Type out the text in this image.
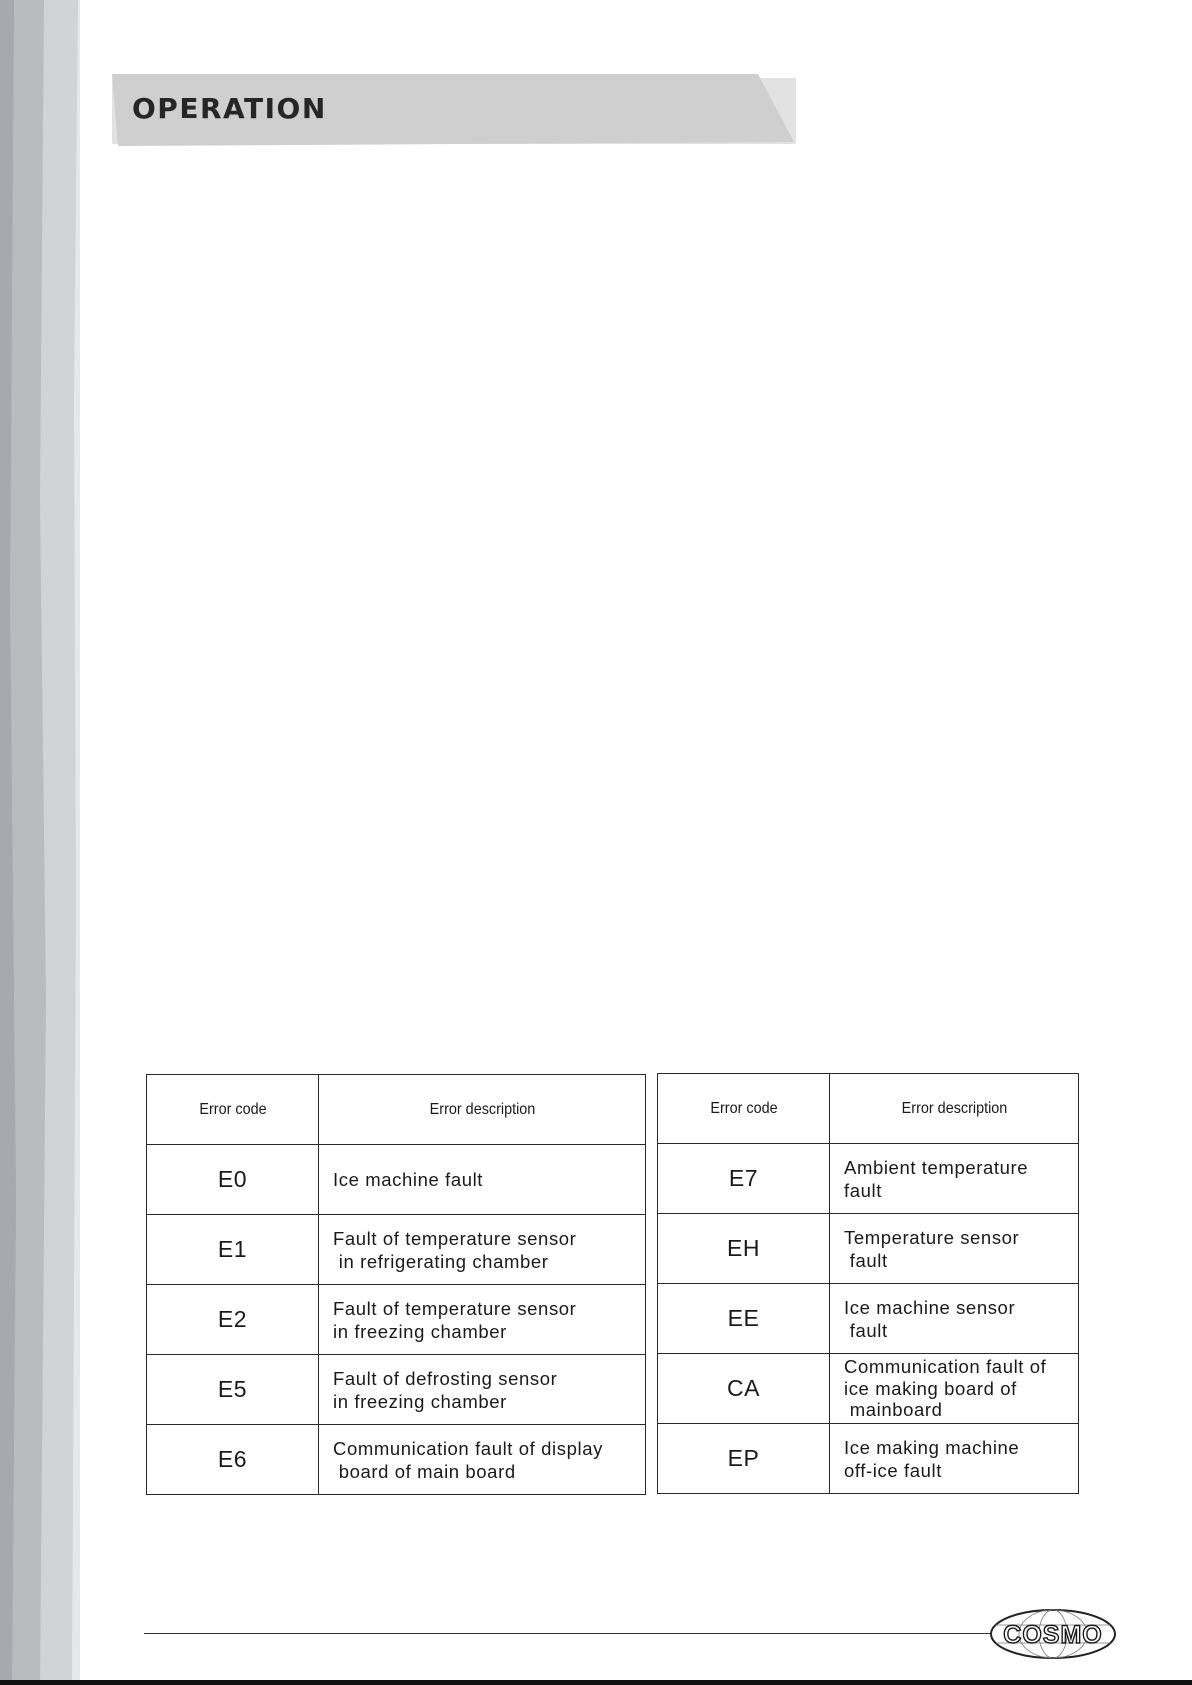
OPERATION
Error code	Error description
E0	Ice machine fault

E1	Fault of temperature sensor
in refrigerating chamber

E2	Fault of temperature sensor
in freezing chamber

E5	Fault of defrosting sensor
in freezing chamber

E6	Communication fault of display
board of main board
Error code	Error description
E7	Ambient temperature
fault

EH	Temperature sensor
fault

EE	Ice machine sensor
fault

CA	Communication fault of
ice making board of
mainboard

EP	Ice making machine
off-ice fault
COSMO
